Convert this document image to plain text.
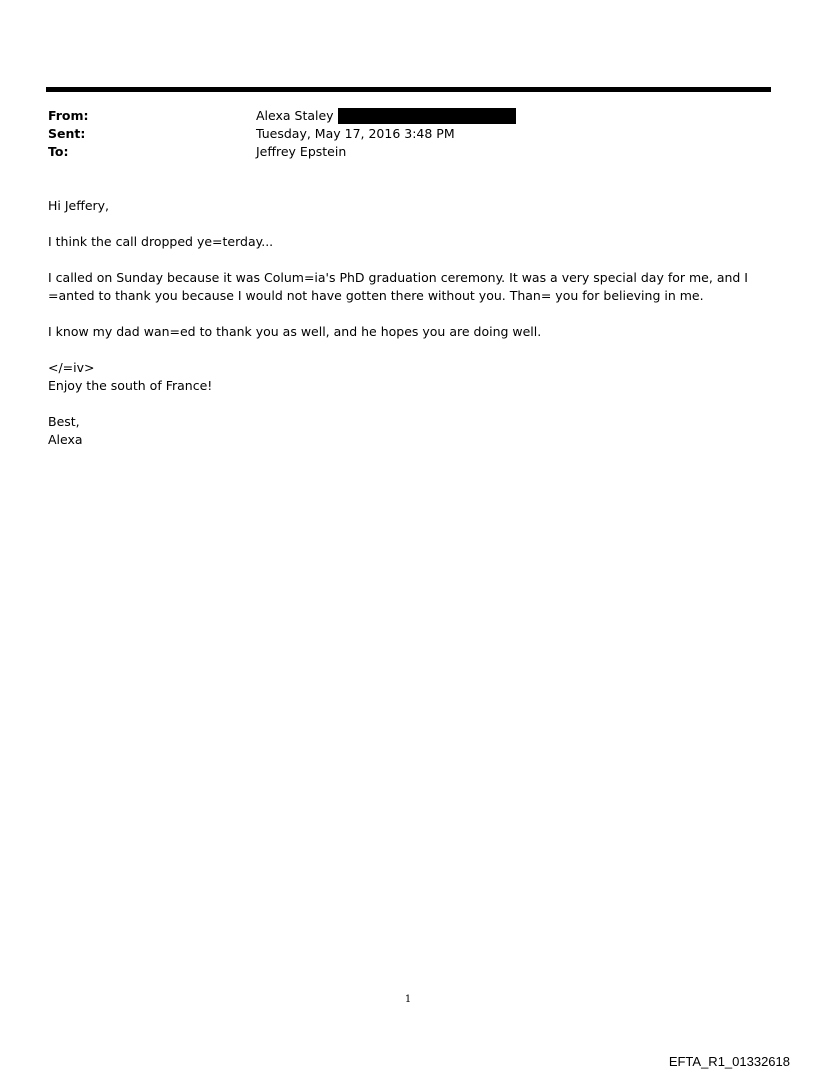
From:	Alexa Staley
Sent:	Tuesday, May 17, 2016 3:48 PM
To:	Jeffrey Epstein
Hi Jeffery,
I think the call dropped ye=terday...
I called on Sunday because it was Colum=ia's PhD graduation ceremony. It was a very special day for me, and I =anted to thank you because I would not have gotten there without you. Than= you for believing in me.
I know my dad wan=ed to thank you as well, and he hopes you are doing well.
</=iv>
Enjoy the south of France!
Best,
Alexa
1
EFTA_R1_01332618
